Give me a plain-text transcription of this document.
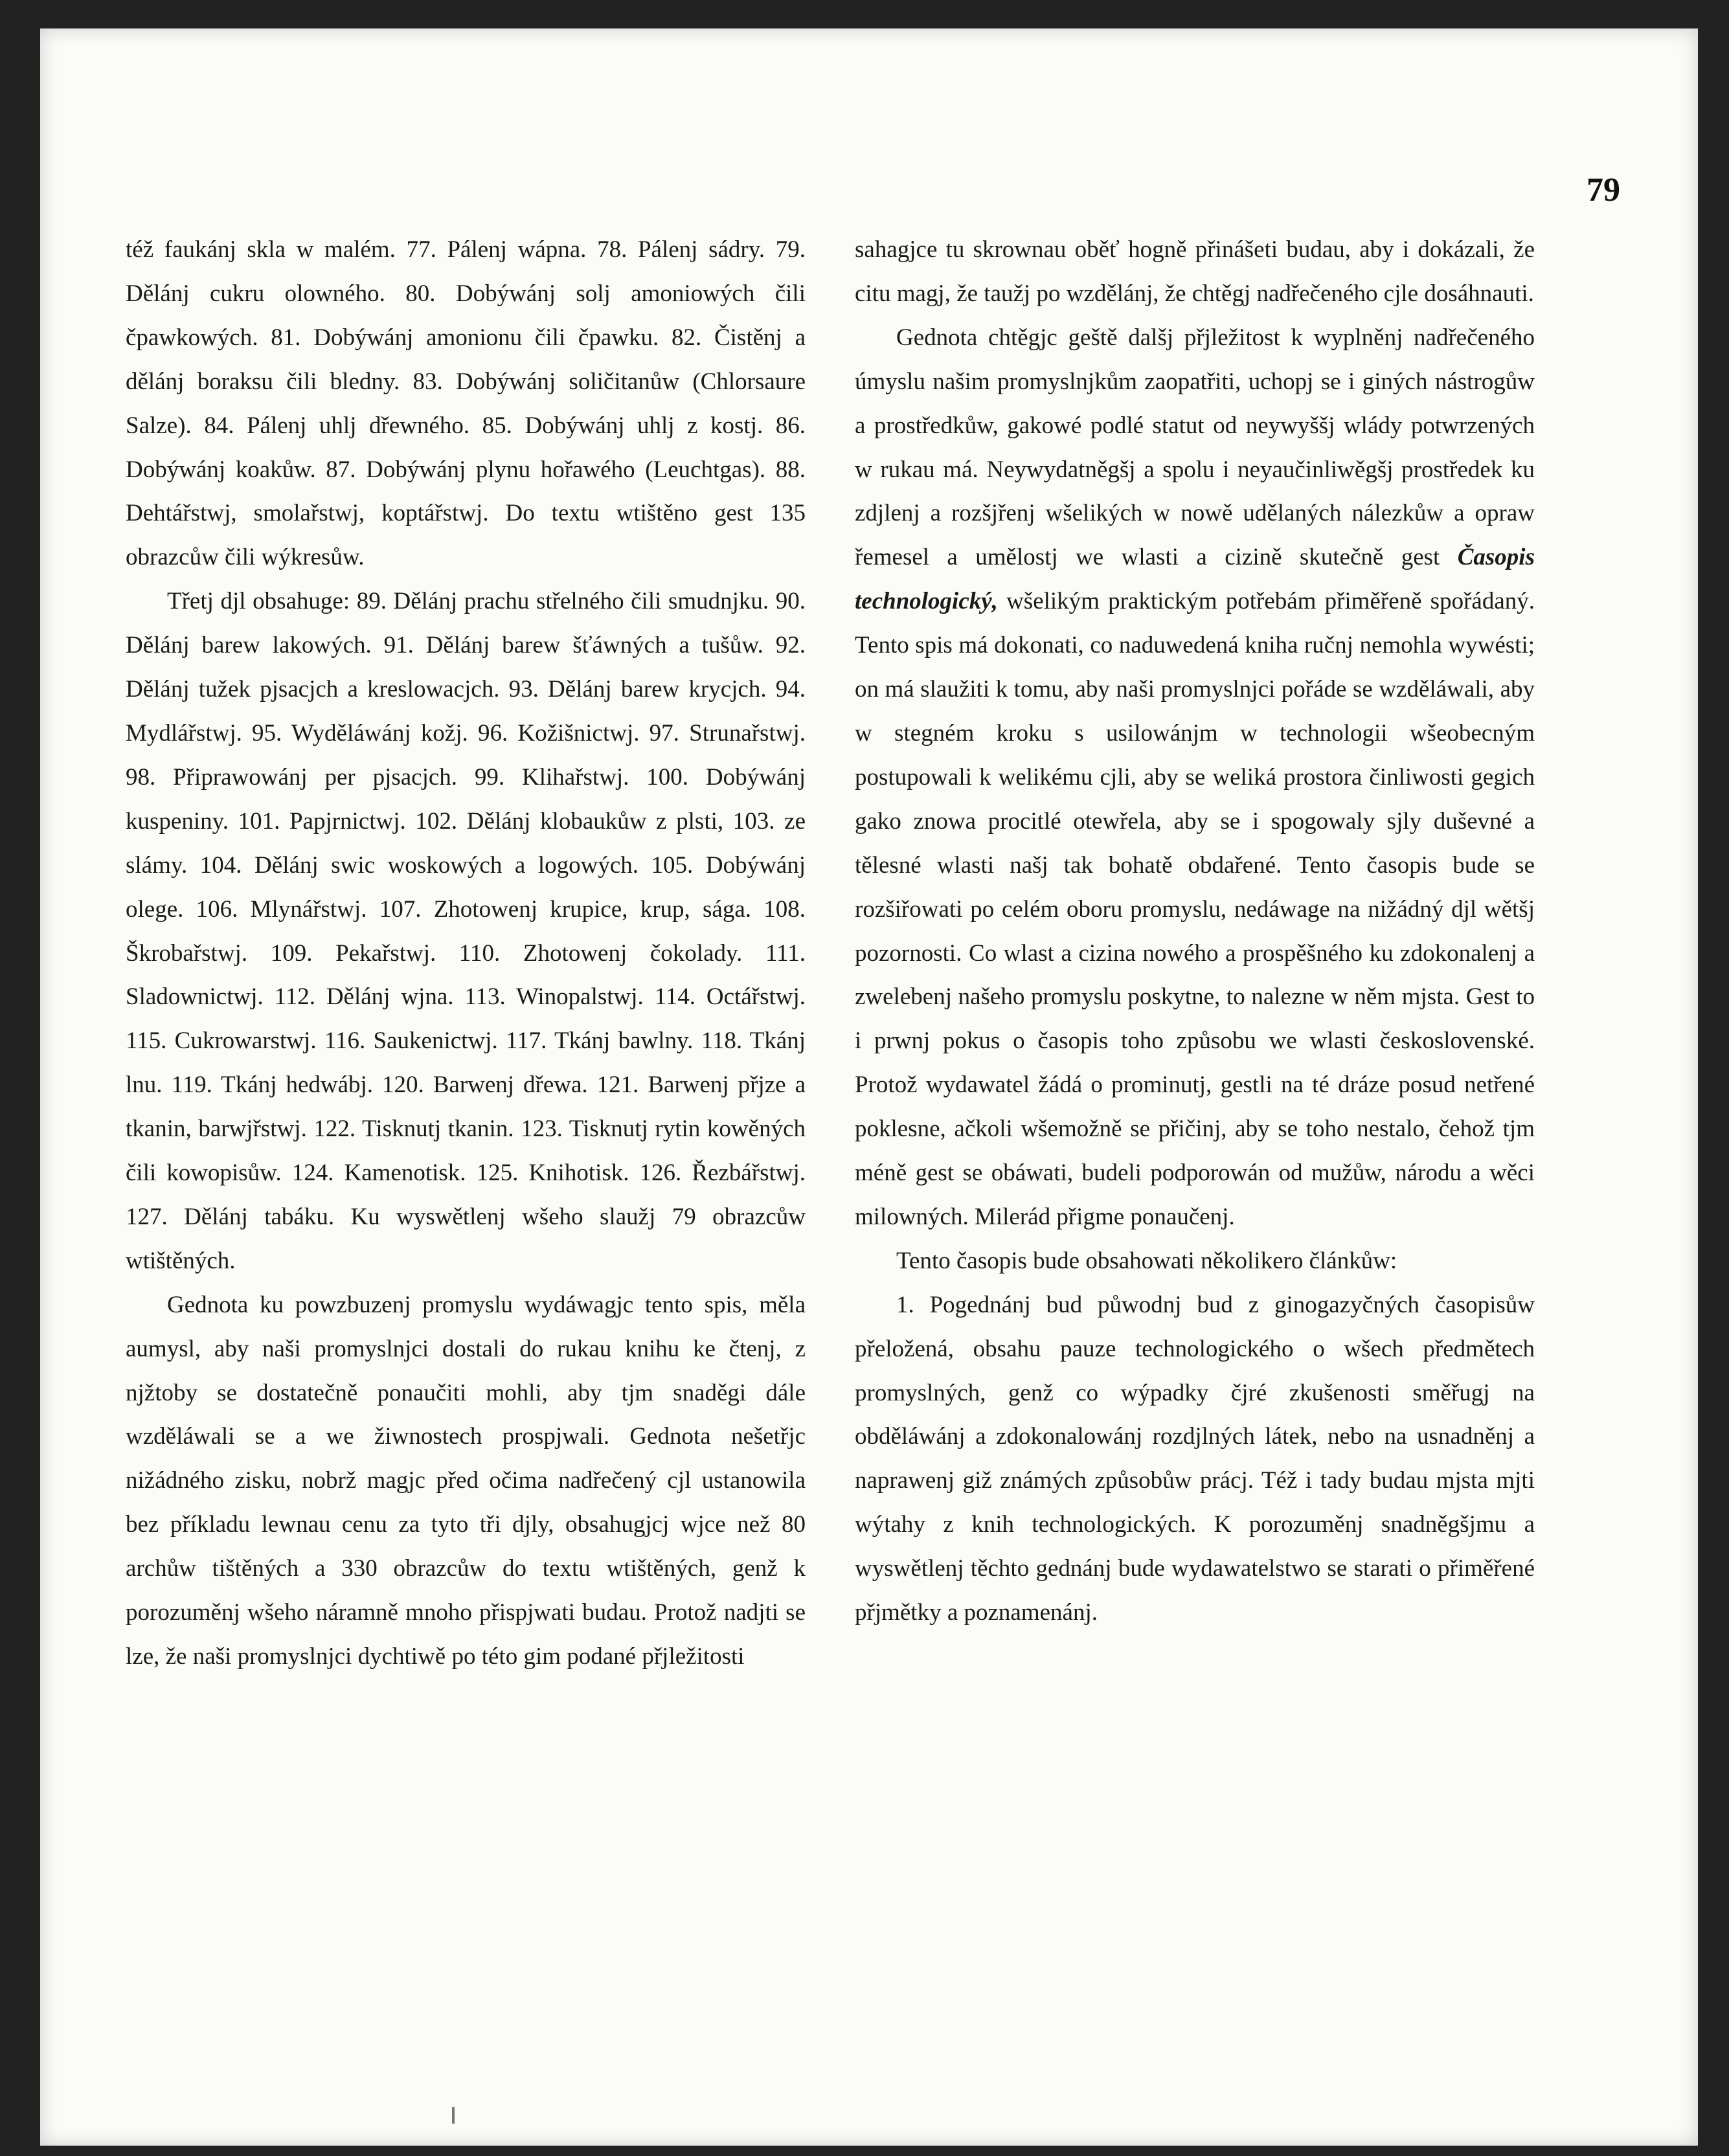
79

též faukánj skla w malém. 77. Pálenj wápna. 78. Pálenj sádry. 79. Dělánj cukru olowného. 80. Dobýwánj solj amoniowých čili čpawkowých. 81. Dobýwánj amonionu čili čpawku. 82. Čistěnj a dělánj boraksu čili bledny. 83. Dobýwánj soličitanůw (Chlorsaure Salze). 84. Pálenj uhlj dřewného. 85. Dobýwánj uhlj z kostj. 86. Dobýwánj koakůw. 87. Dobýwánj plynu hořawého (Leuchtgas). 88. Dehtářstwj, smolařstwj, koptářstwj. Do textu wtištěno gest 135 obrazcůw čili wýkresůw.

Třetj djl obsahuge: 89. Dělánj prachu střelného čili smudnjku. 90. Dělánj barew lakowých. 91. Dělánj barew šťáwných a tušůw. 92. Dělánj tužek pjsacjch a kreslowacjch. 93. Dělánj barew krycjch. 94. Mydlářstwj. 95. Wyděláwánj kožj. 96. Kožišnictwj. 97. Strunařstwj. 98. Připrawowánj per pjsacjch. 99. Klihařstwj. 100. Dobýwánj kuspeniny. 101. Papjrnictwj. 102. Dělánj klobaukůw z plsti, 103. ze slámy. 104. Dělánj swic woskowých a logowých. 105. Dobýwánj olege. 106. Mlynářstwj. 107. Zhotowenj krupice, krup, sága. 108. Škrobařstwj. 109. Pekařstwj. 110. Zhotowenj čokolady. 111. Sladownictwj. 112. Dělánj wjna. 113. Winopalstwj. 114. Octářstwj. 115. Cukrowarstwj. 116. Saukenictwj. 117. Tkánj bawlny. 118. Tkánj lnu. 119. Tkánj hedwábj. 120. Barwenj dřewa. 121. Barwenj přjze a tkanin, barwjřstwj. 122. Tisknutj tkanin. 123. Tisknutj rytin kowěných čili kowopisůw. 124. Kamenotisk. 125. Knihotisk. 126. Řezbářstwj. 127. Dělánj tabáku. Ku wyswětlenj wšeho slaužj 79 obrazcůw wtištěných.

Gednota ku powzbuzenj promyslu wydáwagjc tento spis, měla aumysl, aby naši promyslnjci dostali do rukau knihu ke čtenj, z njžtoby se dostatečně ponaučiti mohli, aby tjm snaděgi dále wzděláwali se a we žiwnostech prospjwali. Gednota nešetřjc nižádného zisku, nobrž magjc před očima nadřečený cjl ustanowila bez příkladu lewnau cenu za tyto tři djly, obsahugjcj wjce než 80 archůw tištěných a 330 obrazcůw do textu wtištěných, genž k porozuměnj wšeho náramně mnoho přispjwati budau. Protož nadjti se lze, že naši promyslnjci dychtiwě po této gim podané přjležitosti

sahagjce tu skrownau oběť hogně přinášeti budau, aby i dokázali, že citu magj, že taužj po wzdělánj, že chtěgj nadřečeného cjle dosáhnauti.

Gednota chtěgjc geště dalšj přjležitost k wyplněnj nadřečeného úmyslu našim promyslnjkům zaopatřiti, uchopj se i giných nástrogůw a prostředkůw, gakowé podlé statut od neywyššj wlády potwrzených w rukau má. Neywydatněgšj a spolu i neyaučinliwěgšj prostředek ku zdjlenj a rozšjřenj wšelikých w nowě udělaných nálezkůw a opraw řemesel a umělostj we wlasti a cizině skutečně gest Časopis technologický, wšelikým praktickým potřebám přiměřeně spořádaný. Tento spis má dokonati, co naduwedená kniha ručnj nemohla wywésti; on má slaužiti k tomu, aby naši promyslnjci pořáde se wzděláwali, aby w stegném kroku s usilowánjm w technologii wšeobecným postupowali k welikému cjli, aby se weliká prostora činliwosti gegich gako znowa procitlé otewřela, aby se i spogowaly sjly duševné a tělesné wlasti našj tak bohatě obdařené. Tento časopis bude se rozšiřowati po celém oboru promyslu, nedáwage na nižádný djl wětšj pozornosti. Co wlast a cizina nowého a prospěšného ku zdokonalenj a zwelebenj našeho promyslu poskytne, to nalezne w něm mjsta. Gest to i prwnj pokus o časopis toho způsobu we wlasti československé. Protož wydawatel žádá o prominutj, gestli na té dráze posud netřené poklesne, ačkoli wšemožně se přičinj, aby se toho nestalo, čehož tjm méně gest se obáwati, budeli podporowán od mužůw, národu a wěci milowných. Milerád přigme ponaučenj.

Tento časopis bude obsahowati několikero článkůw:

1. Pogednánj bud půwodnj bud z ginogazyčných časopisůw přeložená, obsahu pauze technologického o wšech předmětech promyslných, genž co wýpadky čjré zkušenosti směřugj na obděláwánj a zdokonalowánj rozdjlných látek, nebo na usnadněnj a naprawenj giž známých způsobůw prácj. Též i tady budau mjsta mjti wýtahy z knih technologických. K porozuměnj snadněgšjmu a wyswětlenj těchto gednánj bude wydawatelstwo se starati o přiměřené přjmětky a poznamenánj.
